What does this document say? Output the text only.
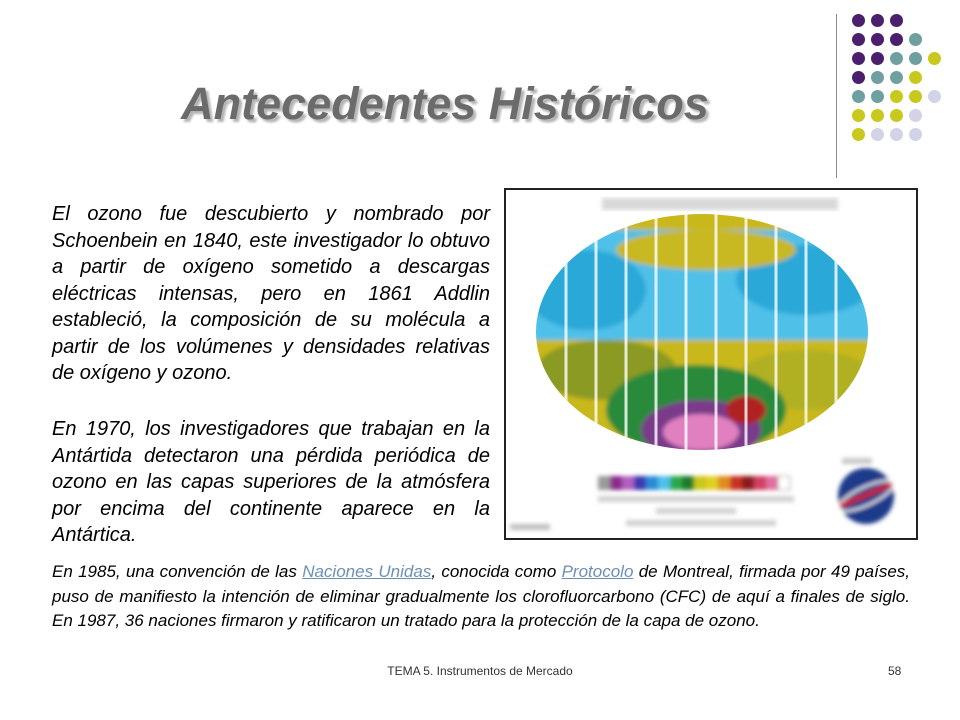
Antecedentes Históricos

El ozono fue descubierto y nombrado por Schoenbein en 1840, este investigador lo obtuvo a partir de oxígeno sometido a descargas eléctricas intensas, pero en 1861 Addlin estableció, la composición de su molécula a partir de los volúmenes y densidades relativas de oxígeno y ozono.

En 1970, los investigadores que trabajan en la Antártida detectaron una pérdida periódica de ozono en las capas superiores de la atmósfera por encima del continente aparece en la Antártica.

En 1985, una convención de las Naciones Unidas, conocida como Protocolo de Montreal, firmada por 49 países, puso de manifiesto la intención de eliminar gradualmente los clorofluorcarbono (CFC) de aquí a finales de siglo. En 1987, 36 naciones firmaron y ratificaron un tratado para la protección de la capa de ozono.

TEMA 5. Instrumentos de Mercado	58
